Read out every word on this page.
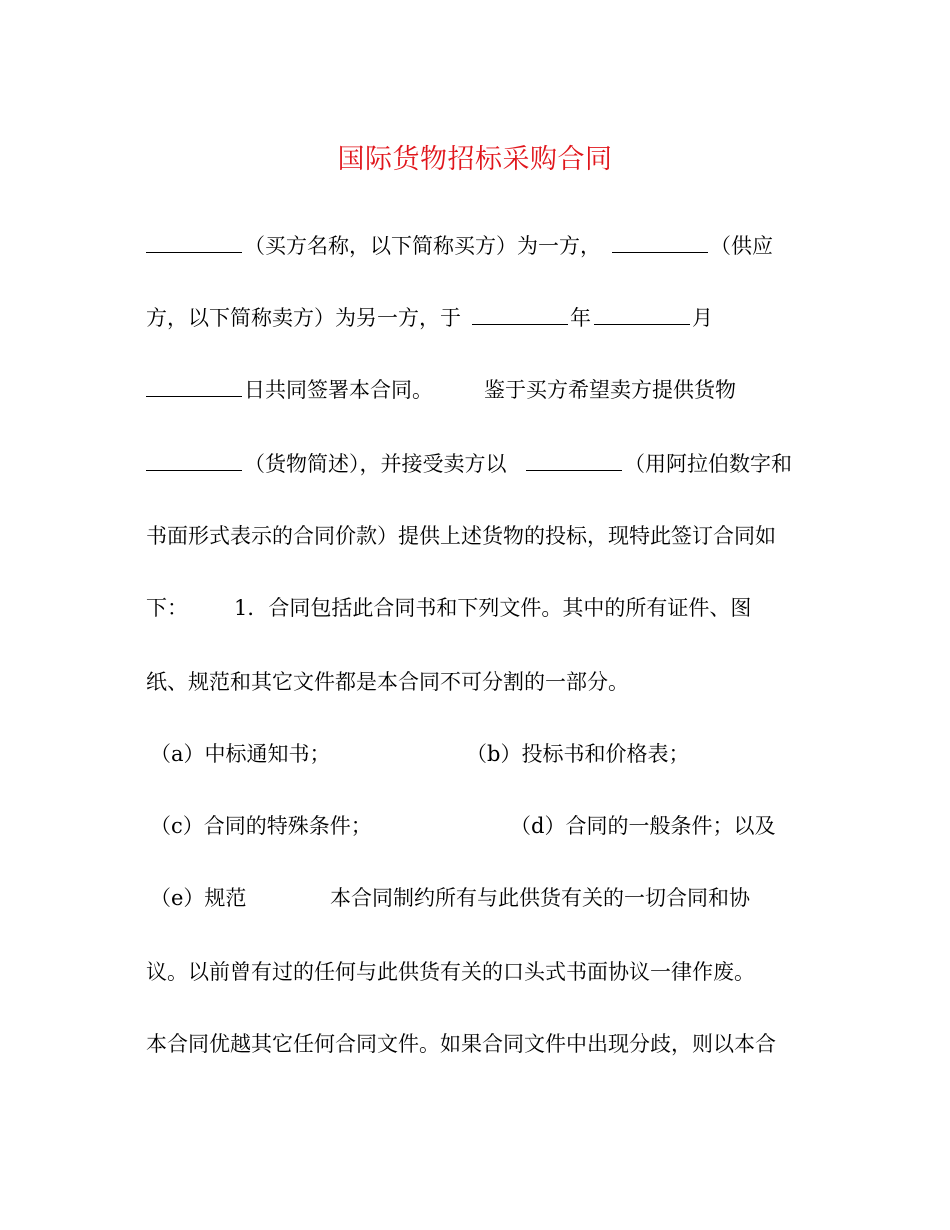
国际货物招标采购合同

（买方名称，以下简称买方）为一方，

	（供应

方，以下简称卖方）为另一方，于

	年

	月

日共同签署本合同。

鉴于买方希望卖方提供货物

（货物简述），并接受卖方以

	（用阿拉伯数字和

书面形式表示的合同价款）提供上述货物的投标，现特此签订合同如

下：

1．合同包括此合同书和下列文件。其中的所有证件、图

纸、规范和其它文件都是本合同不可分割的一部分。

（a）中标通知书；

	（b）投标书和价格表；

（c）合同的特殊条件；

	（d）合同的一般条件；以及

（e）规范

	本合同制约所有与此供货有关的一切合同和协

议。以前曾有过的任何与此供货有关的口头式书面协议一律作废。

本合同优越其它任何合同文件。如果合同文件中出现分歧，则以本合
